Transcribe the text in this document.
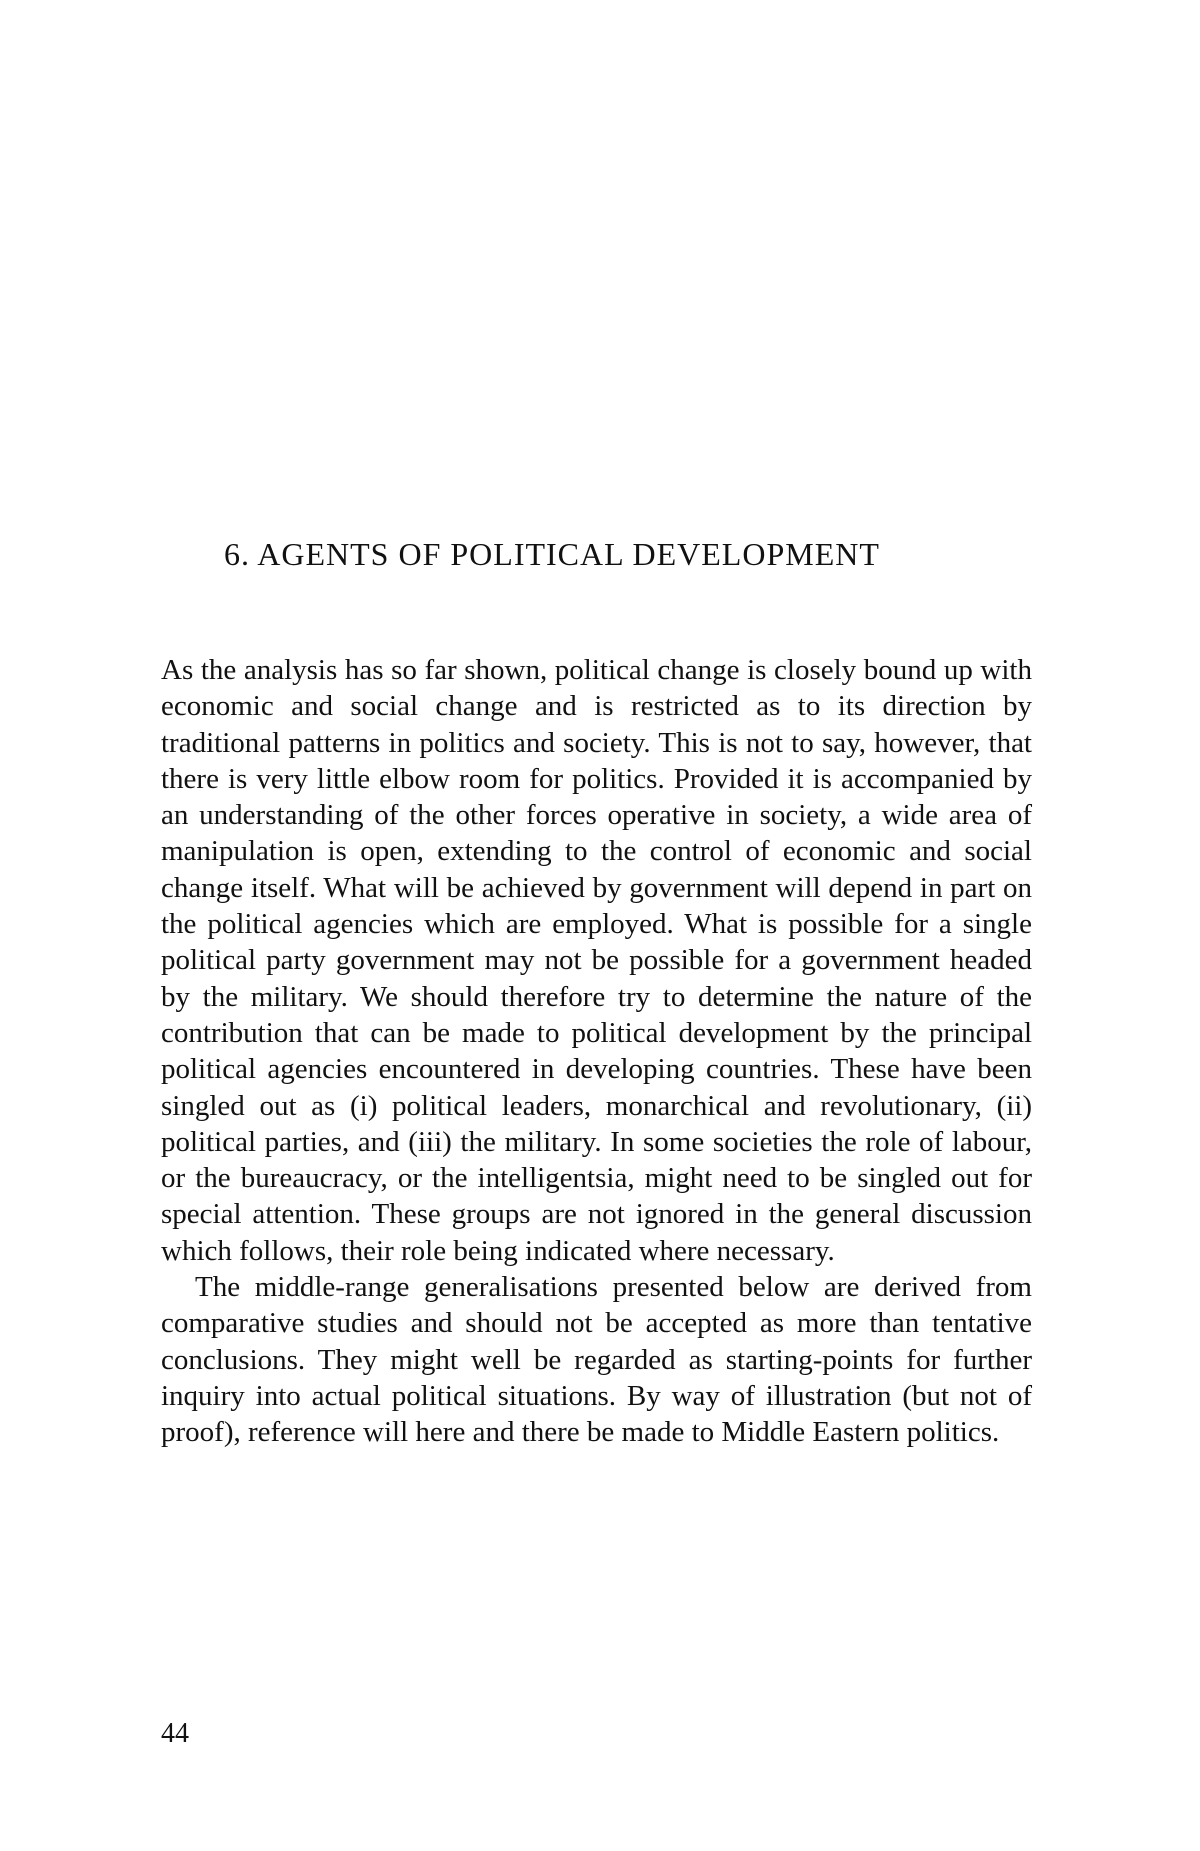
6. AGENTS OF POLITICAL DEVELOPMENT

As the analysis has so far shown, political change is closely bound up with economic and social change and is restricted as to its direction by traditional patterns in politics and society. This is not to say, however, that there is very little elbow room for politics. Provided it is accompanied by an understanding of the other forces operative in society, a wide area of manipulation is open, extending to the control of economic and social change itself. What will be achieved by government will depend in part on the political agencies which are employed. What is possible for a single political party government may not be possible for a government headed by the military. We should therefore try to determine the nature of the contribution that can be made to political development by the principal political agencies encountered in developing countries. These have been singled out as (i) political leaders, monarchical and revolutionary, (ii) political parties, and (iii) the military. In some societies the role of labour, or the bureaucracy, or the intelligentsia, might need to be singled out for special attention. These groups are not ignored in the general discussion which follows, their role being indicated where necessary.

The middle-range generalisations presented below are derived from comparative studies and should not be accepted as more than tentative conclusions. They might well be regarded as starting-points for further inquiry into actual political situations. By way of illustration (but not of proof), reference will here and there be made to Middle Eastern politics.

44
